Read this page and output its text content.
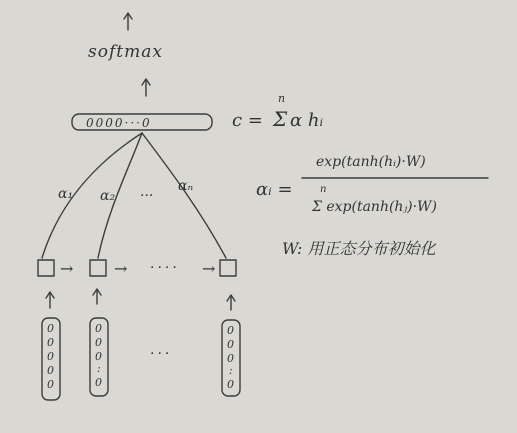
softmax
0000···0	c =
n
Σ α hᵢ
α₁ α₂ ···
αₙ	αᵢ =
exp(tanh(hᵢ)·W)
n
Σ exp(tanh(hⱼ)·W)
W: 用正态分布初始化
→	→ ···· →
0 0 0 0 0
0 0 0 : 0
···
0 0 0 : 0
